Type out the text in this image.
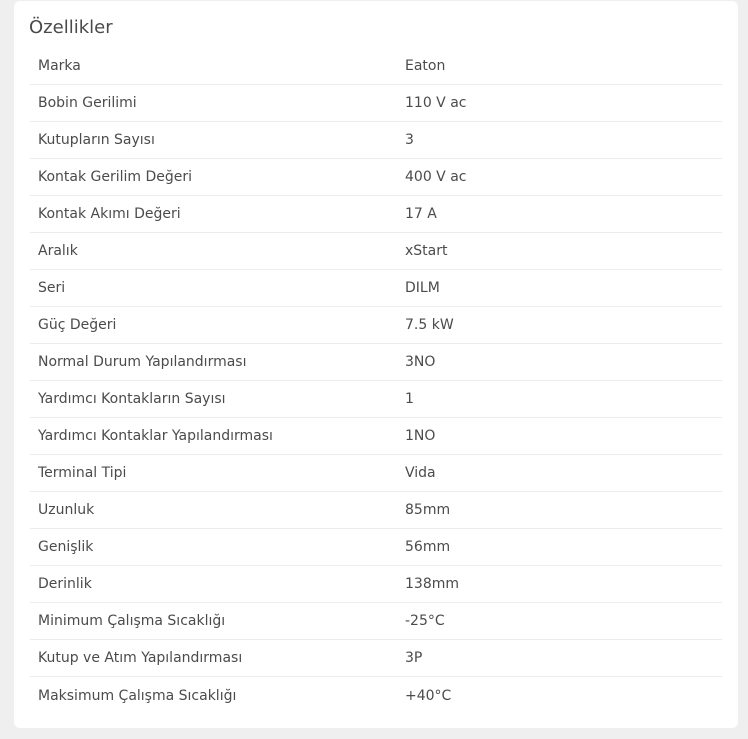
Özellikler
Marka	Eaton
Bobin Gerilimi	110 V ac
Kutupların Sayısı	3
Kontak Gerilim Değeri	400 V ac
Kontak Akımı Değeri	17 A
Aralık	xStart
Seri	DILM
Güç Değeri	7.5 kW
Normal Durum Yapılandırması	3NO
Yardımcı Kontakların Sayısı	1
Yardımcı Kontaklar Yapılandırması	1NO
Terminal Tipi	Vida
Uzunluk	85mm
Genişlik	56mm
Derinlik	138mm
Minimum Çalışma Sıcaklığı	-25°C
Kutup ve Atım Yapılandırması	3P
Maksimum Çalışma Sıcaklığı	+40°C
